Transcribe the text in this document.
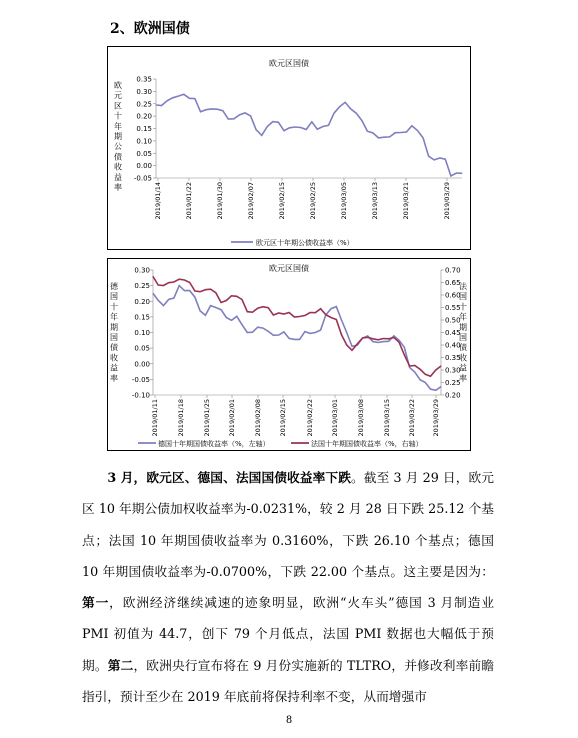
2、欧洲国债
欧元区国债
欧
元
区
十
年
期
公
债
收
益
率
0.35
0.30
0.25
0.20
0.15
0.10
0.05
0.00
-0.05
2019/01/14	2019/01/22	2019/01/30	2019/02/07	2019/02/15	2019/02/25	2019/03/05	2019/03/13	2019/03/21	2019/03/29
欧元区十年期公债收益率（%）
欧元区国债
德
国
十
年
期
国
债
收
益
率
法
国
十
年
期
国
债
收
益
率
0.30
0.25
0.20
0.15
0.10
0.05
0.00
-0.05
-0.10
0.70
0.65
0.60
0.55
0.50
0.45
0.40
0.35
0.30
0.25
0.20
2019/01/11	2019/01/18	2019/01/25	2019/02/01	2019/02/08	2019/02/15	2019/02/22	2019/03/01	2019/03/08	2019/03/15	2019/03/22 2019/03/29
德国十年期国债收益率（%，左轴）	法国十年期国债收益率（%，右轴）

3 月，欧元区、德国、法国国债收益率下跌。截至 3 月 29 日，欧元区 10 年期公债加权收益率为-0.0231%，较 2 月 28 日下跌 25.12 个基点；法国 10 年期国债收益率为 0.3160%，下跌 26.10 个基点；德国 10 年期国债收益率为-0.0700%，下跌 22.00 个基点。这主要是因为：第一，欧洲经济继续减速的迹象明显，欧洲“火车头”德国 3 月制造业 PMI 初值为 44.7，创下 79 个月低点，法国 PMI 数据也大幅低于预期。第二，欧洲央行宣布将在 9 月份实施新的 TLTRO，并修改利率前瞻指引，预计至少在 2019 年底前将保持利率不变，从而增强市

8
